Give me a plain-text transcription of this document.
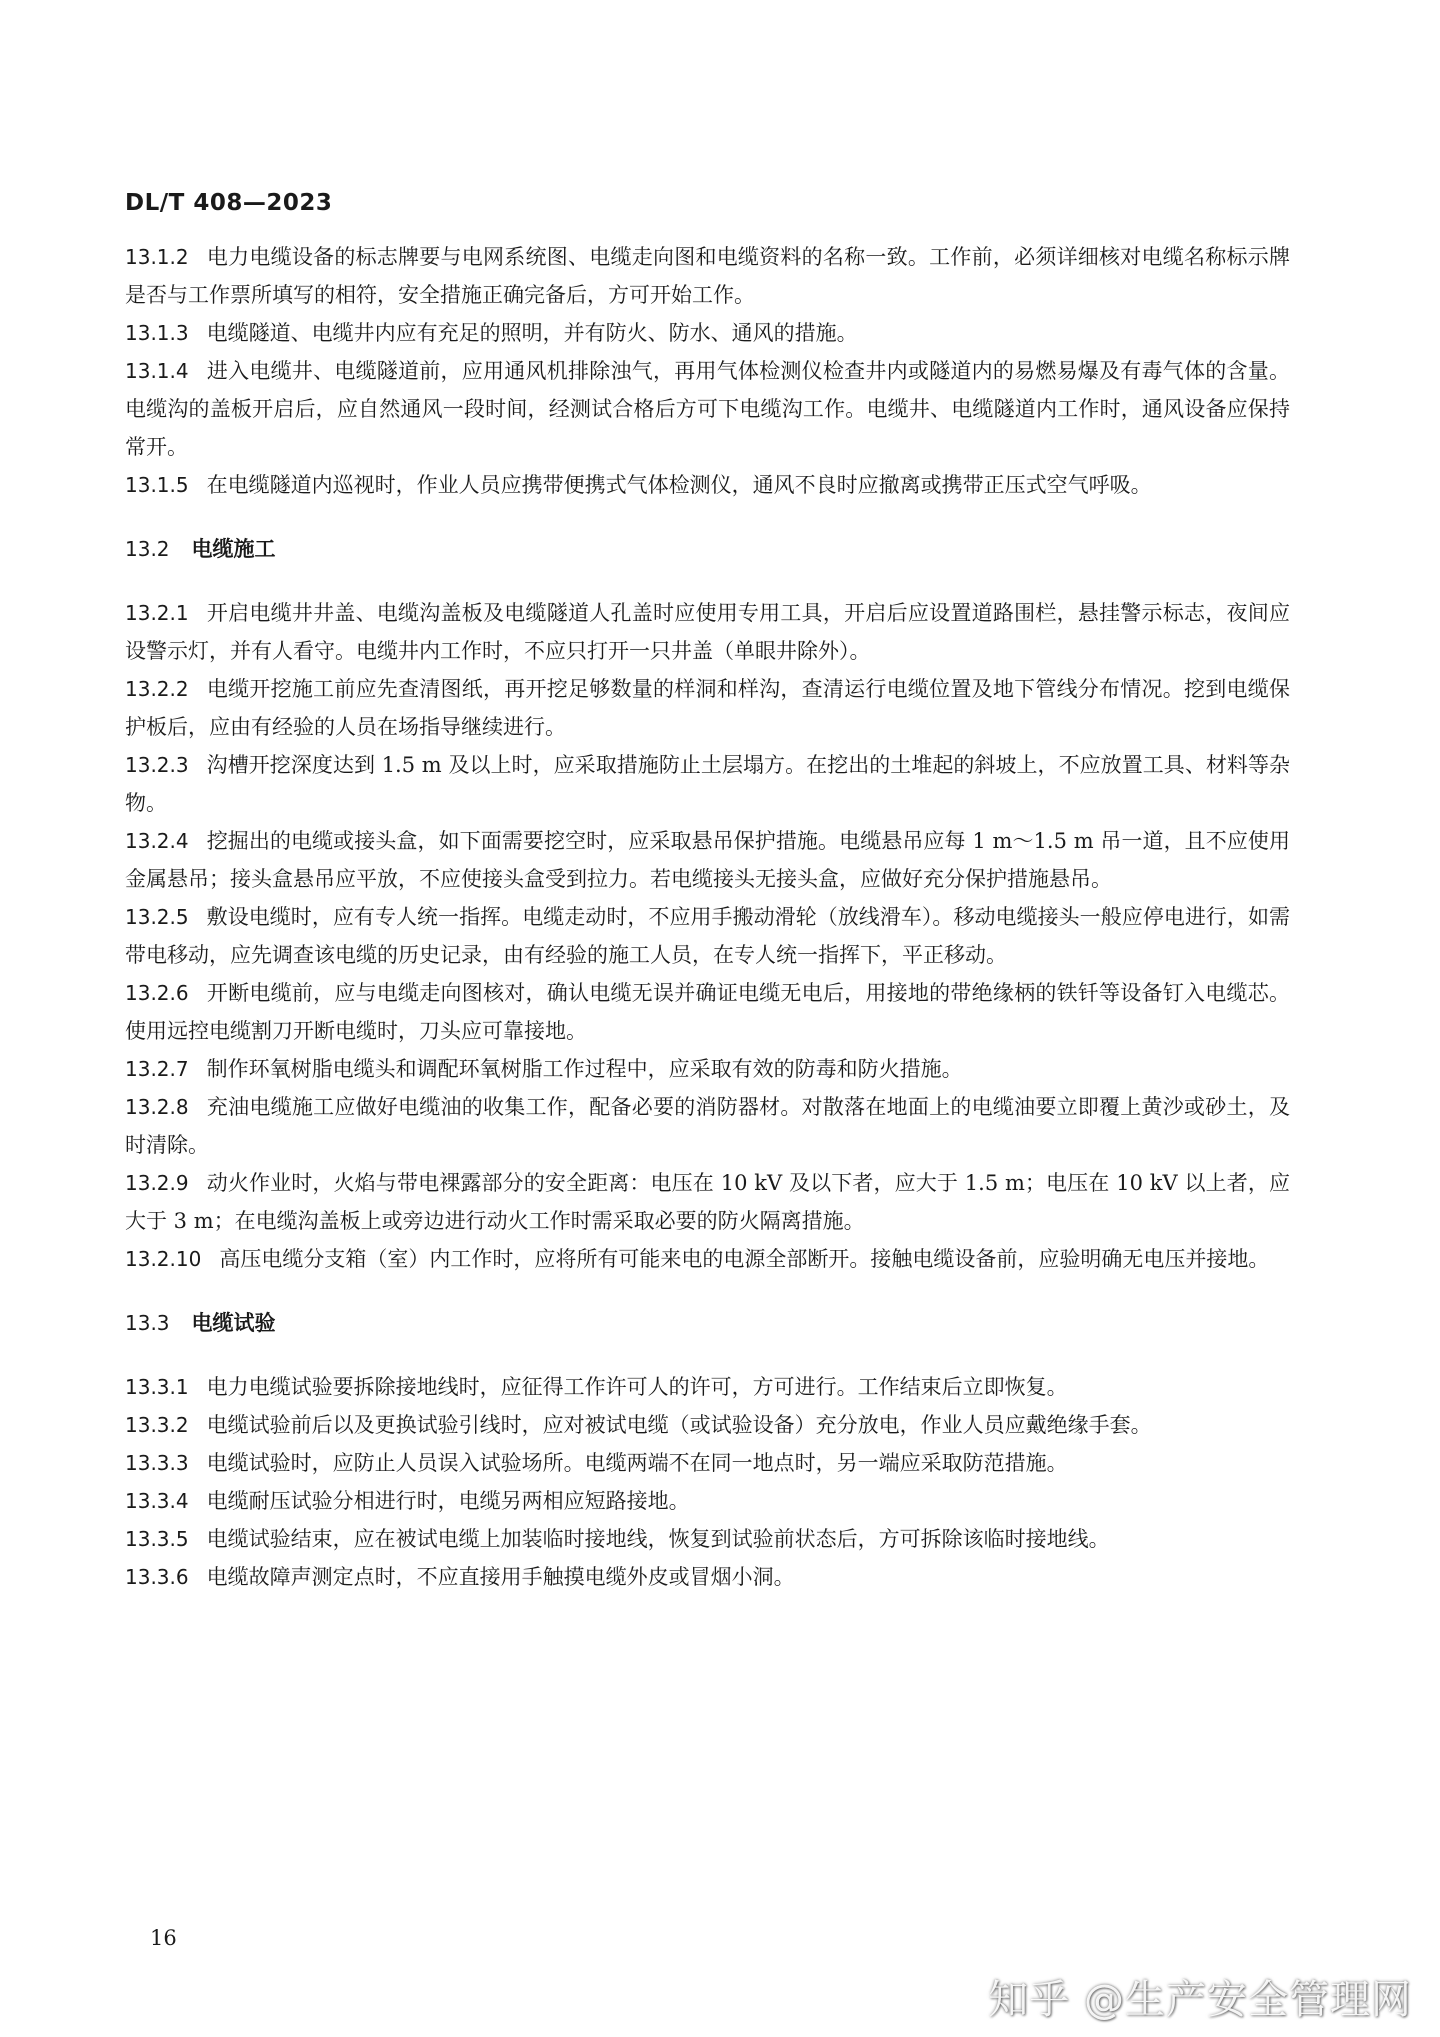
DL/T 408—2023

13.1.2 电力电缆设备的标志牌要与电网系统图、电缆走向图和电缆资料的名称一致。工作前，必须详细核对电缆名称标示牌是否与工作票所填写的相符，安全措施正确完备后，方可开始工作。

13.1.3 电缆隧道、电缆井内应有充足的照明，并有防火、防水、通风的措施。

13.1.4 进入电缆井、电缆隧道前，应用通风机排除浊气，再用气体检测仪检查井内或隧道内的易燃易爆及有毒气体的含量。电缆沟的盖板开启后，应自然通风一段时间，经测试合格后方可下电缆沟工作。电缆井、电缆隧道内工作时，通风设备应保持常开。

13.1.5 在电缆隧道内巡视时，作业人员应携带便携式气体检测仪，通风不良时应撤离或携带正压式空气呼吸。

13.2 电缆施工

13.2.1 开启电缆井井盖、电缆沟盖板及电缆隧道人孔盖时应使用专用工具，开启后应设置道路围栏，悬挂警示标志，夜间应设警示灯，并有人看守。电缆井内工作时，不应只打开一只井盖（单眼井除外）。

13.2.2 电缆开挖施工前应先查清图纸，再开挖足够数量的样洞和样沟，查清运行电缆位置及地下管线分布情况。挖到电缆保护板后，应由有经验的人员在场指导继续进行。

13.2.3 沟槽开挖深度达到 1.5 m 及以上时，应采取措施防止土层塌方。在挖出的土堆起的斜坡上，不应放置工具、材料等杂物。

13.2.4 挖掘出的电缆或接头盒，如下面需要挖空时，应采取悬吊保护措施。电缆悬吊应每 1 m～1.5 m 吊一道，且不应使用金属悬吊；接头盒悬吊应平放，不应使接头盒受到拉力。若电缆接头无接头盒，应做好充分保护措施悬吊。

13.2.5 敷设电缆时，应有专人统一指挥。电缆走动时，不应用手搬动滑轮（放线滑车）。移动电缆接头一般应停电进行，如需带电移动，应先调查该电缆的历史记录，由有经验的施工人员，在专人统一指挥下，平正移动。

13.2.6 开断电缆前，应与电缆走向图核对，确认电缆无误并确证电缆无电后，用接地的带绝缘柄的铁钎等设备钉入电缆芯。使用远控电缆割刀开断电缆时，刀头应可靠接地。

13.2.7 制作环氧树脂电缆头和调配环氧树脂工作过程中，应采取有效的防毒和防火措施。

13.2.8 充油电缆施工应做好电缆油的收集工作，配备必要的消防器材。对散落在地面上的电缆油要立即覆上黄沙或砂土，及时清除。

13.2.9 动火作业时，火焰与带电裸露部分的安全距离：电压在 10 kV 及以下者，应大于 1.5 m；电压在 10 kV 以上者，应大于 3 m；在电缆沟盖板上或旁边进行动火工作时需采取必要的防火隔离措施。

13.2.10 高压电缆分支箱（室）内工作时，应将所有可能来电的电源全部断开。接触电缆设备前，应验明确无电压并接地。

13.3 电缆试验

13.3.1 电力电缆试验要拆除接地线时，应征得工作许可人的许可，方可进行。工作结束后立即恢复。

13.3.2 电缆试验前后以及更换试验引线时，应对被试电缆（或试验设备）充分放电，作业人员应戴绝缘手套。

13.3.3 电缆试验时，应防止人员误入试验场所。电缆两端不在同一地点时，另一端应采取防范措施。

13.3.4 电缆耐压试验分相进行时，电缆另两相应短路接地。

13.3.5 电缆试验结束，应在被试电缆上加装临时接地线，恢复到试验前状态后，方可拆除该临时接地线。

13.3.6 电缆故障声测定点时，不应直接用手触摸电缆外皮或冒烟小洞。

16
知乎 @生产安全管理网
